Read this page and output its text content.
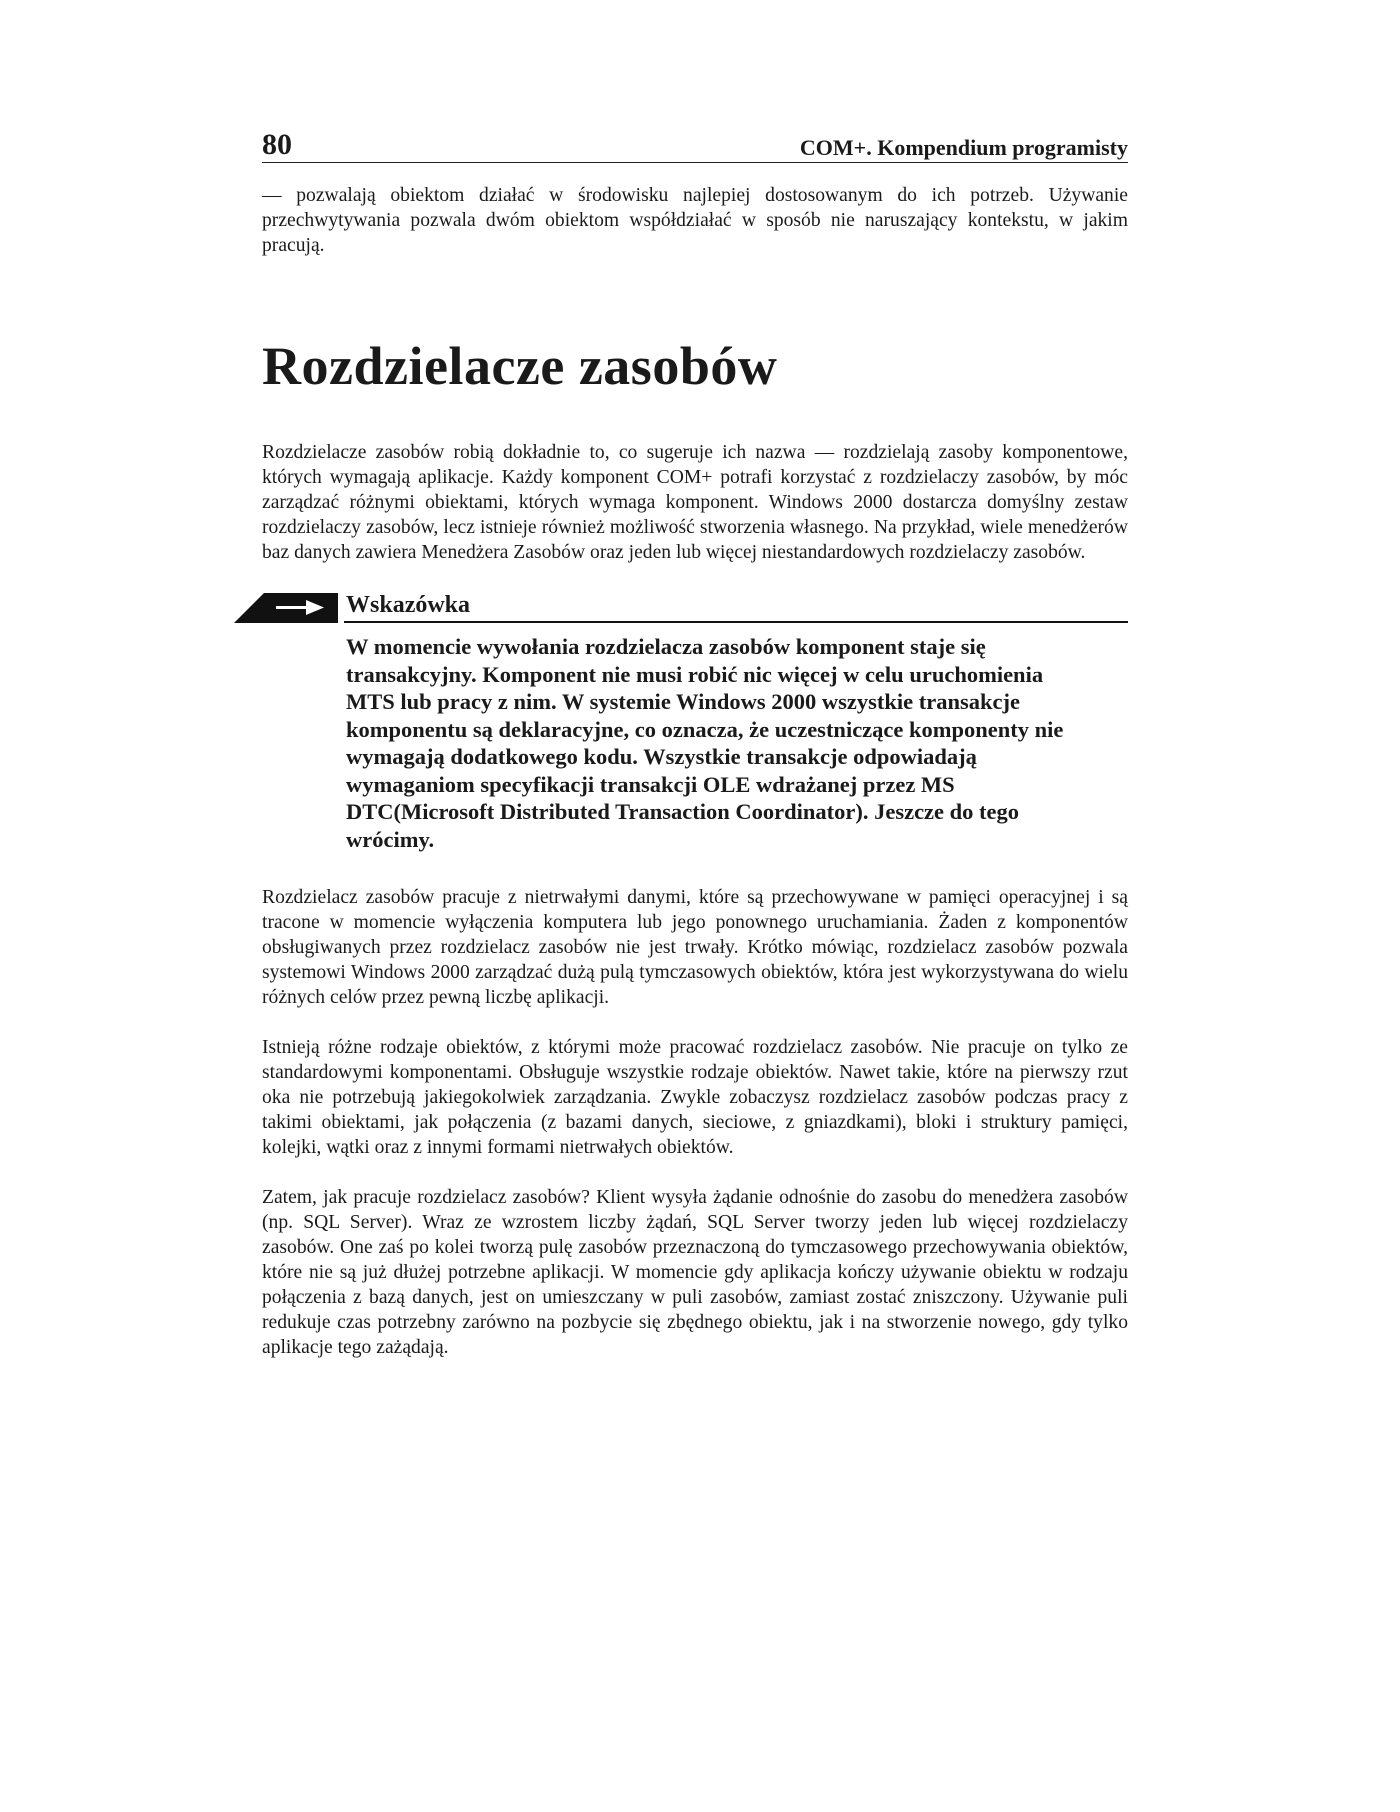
80	COM+. Kompendium programisty

— pozwalają obiektom działać w środowisku najlepiej dostosowanym do ich potrzeb. Używanie przechwytywania pozwala dwóm obiektom współdziałać w sposób nie naruszający kontekstu, w jakim pracują.

Rozdzielacze zasobów

Rozdzielacze zasobów robią dokładnie to, co sugeruje ich nazwa — rozdzielają zasoby komponentowe, których wymagają aplikacje. Każdy komponent COM+ potrafi korzystać z rozdzielaczy zasobów, by móc zarządzać różnymi obiektami, których wymaga komponent. Windows 2000 dostarcza domyślny zestaw rozdzielaczy zasobów, lecz istnieje również możliwość stworzenia własnego. Na przykład, wiele menedżerów baz danych zawiera Menedżera Zasobów oraz jeden lub więcej niestandardowych rozdzielaczy zasobów.

Wskazówka

W momencie wywołania rozdzielacza zasobów komponent staje się transakcyjny. Komponent nie musi robić nic więcej w celu uruchomienia MTS lub pracy z nim. W systemie Windows 2000 wszystkie transakcje komponentu są deklaracyjne, co oznacza, że uczestniczące komponenty nie wymagają dodatkowego kodu. Wszystkie transakcje odpowiadają wymaganiom specyfikacji transakcji OLE wdrażanej przez MS DTC(Microsoft Distributed Transaction Coordinator). Jeszcze do tego wrócimy.

Rozdzielacz zasobów pracuje z nietrwałymi danymi, które są przechowywane w pamięci operacyjnej i są tracone w momencie wyłączenia komputera lub jego ponownego uruchamiania. Żaden z komponentów obsługiwanych przez rozdzielacz zasobów nie jest trwały. Krótko mówiąc, rozdzielacz zasobów pozwala systemowi Windows 2000 zarządzać dużą pulą tymczasowych obiektów, która jest wykorzystywana do wielu różnych celów przez pewną liczbę aplikacji.

Istnieją różne rodzaje obiektów, z którymi może pracować rozdzielacz zasobów. Nie pracuje on tylko ze standardowymi komponentami. Obsługuje wszystkie rodzaje obiektów. Nawet takie, które na pierwszy rzut oka nie potrzebują jakiegokolwiek zarządzania. Zwykle zobaczysz rozdzielacz zasobów podczas pracy z takimi obiektami, jak połączenia (z bazami danych, sieciowe, z gniazdkami), bloki i struktury pamięci, kolejki, wątki oraz z innymi formami nietrwałych obiektów.

Zatem, jak pracuje rozdzielacz zasobów? Klient wysyła żądanie odnośnie do zasobu do menedżera zasobów (np. SQL Server). Wraz ze wzrostem liczby żądań, SQL Server tworzy jeden lub więcej rozdzielaczy zasobów. One zaś po kolei tworzą pulę zasobów przeznaczoną do tymczasowego przechowywania obiektów, które nie są już dłużej potrzebne aplikacji. W momencie gdy aplikacja kończy używanie obiektu w rodzaju połączenia z bazą danych, jest on umieszczany w puli zasobów, zamiast zostać zniszczony. Używanie puli redukuje czas potrzebny zarówno na pozbycie się zbędnego obiektu, jak i na stworzenie nowego, gdy tylko aplikacje tego zażądają.
